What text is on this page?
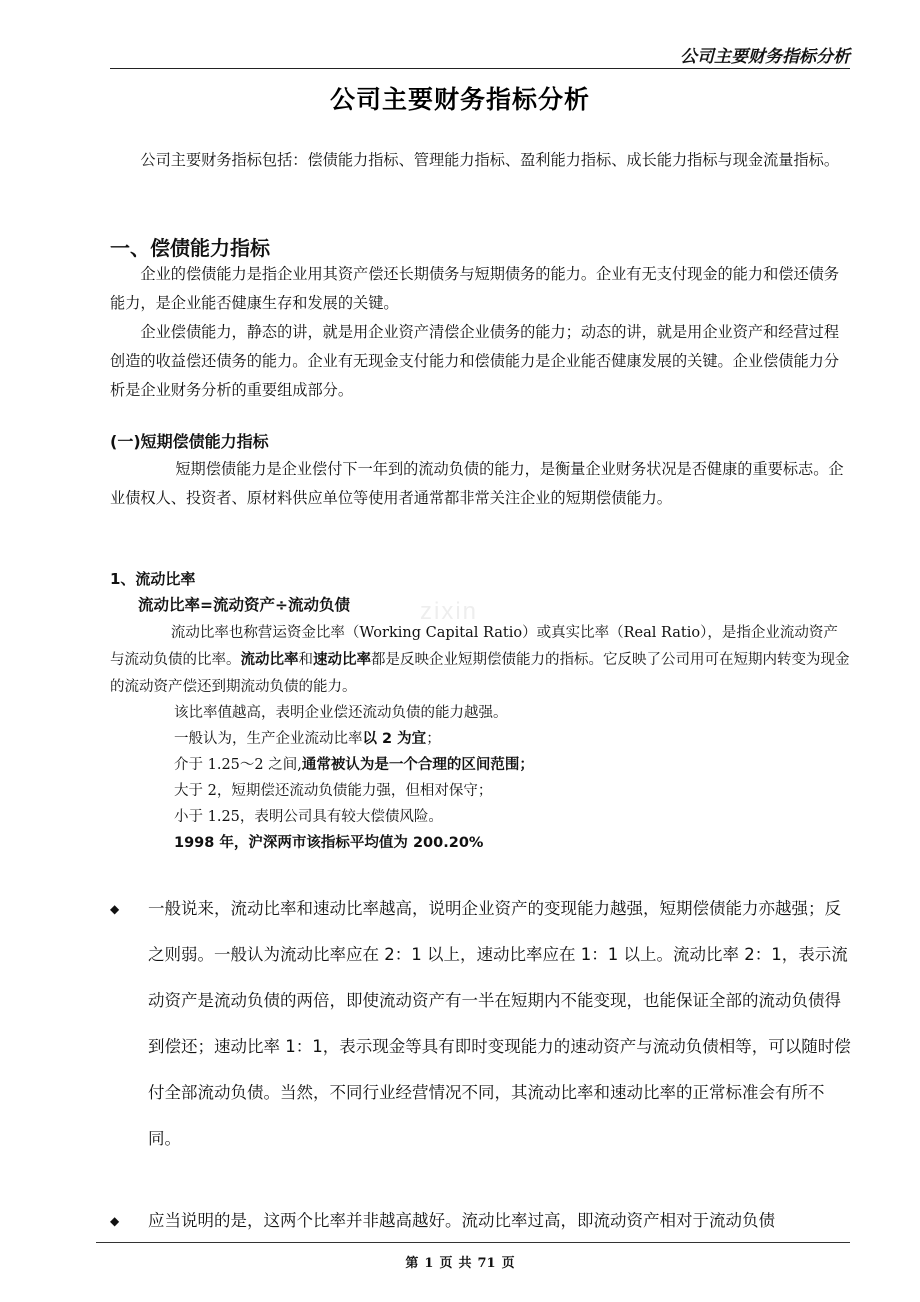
公司主要财务指标分析
公司主要财务指标分析
zixin

公司主要财务指标包括：偿债能力指标、管理能力指标、盈利能力指标、成长能力指标与现金流量指标。

一、偿债能力指标

企业的偿债能力是指企业用其资产偿还长期债务与短期债务的能力。企业有无支付现金的能力和偿还债务能力，是企业能否健康生存和发展的关键。

企业偿债能力，静态的讲，就是用企业资产清偿企业债务的能力；动态的讲，就是用企业资产和经营过程创造的收益偿还债务的能力。企业有无现金支付能力和偿债能力是企业能否健康发展的关键。企业偿债能力分析是企业财务分析的重要组成部分。

(一)短期偿债能力指标

短期偿债能力是企业偿付下一年到的流动负债的能力，是衡量企业财务状况是否健康的重要标志。企业债权人、投资者、原材料供应单位等使用者通常都非常关注企业的短期偿债能力。

1、流动比率

流动比率=流动资产÷流动负债

流动比率也称营运资金比率（Working Capital Ratio）或真实比率（Real Ratio），是指企业流动资产与流动负债的比率。流动比率和速动比率都是反映企业短期偿债能力的指标。它反映了公司用可在短期内转变为现金的流动资产偿还到期流动负债的能力。

该比率值越高，表明企业偿还流动负债的能力越强。

一般认为，生产企业流动比率以 2 为宜；

介于 1.25～2 之间,通常被认为是一个合理的区间范围；

大于 2，短期偿还流动负债能力强，但相对保守；

小于 1.25，表明公司具有较大偿债风险。

1998 年，沪深两市该指标平均值为 200.20%

◆ 一般说来，流动比率和速动比率越高，说明企业资产的变现能力越强，短期偿债能力亦越强；反之则弱。一般认为流动比率应在 2：1 以上，速动比率应在 1：1 以上。流动比率 2：1，表示流动资产是流动负债的两倍，即使流动资产有一半在短期内不能变现，也能保证全部的流动负债得到偿还；速动比率 1：1，表示现金等具有即时变现能力的速动资产与流动负债相等，可以随时偿付全部流动负债。当然，不同行业经营情况不同，其流动比率和速动比率的正常标准会有所不同。
◆ 应当说明的是，这两个比率并非越高越好。流动比率过高，即流动资产相对于流动负债
第 1 页 共 71 页
